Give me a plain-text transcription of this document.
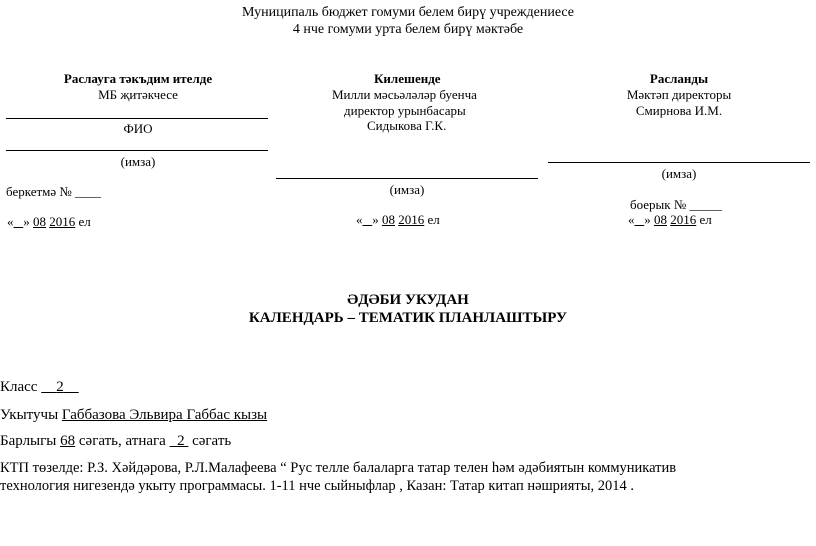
Муниципаль бюджет гомуми белем бирү учреждениесе
4 нче гомуми урта белем бирү мәктәбе
Раслауга тәкъдим ителде
МБ җитәкчесе
ФИО
(имза)
беркетмә № ____
« » 08 2016 ел
Килешенде
Милли мәсьәләләр буенча
директор урынбасары
Сидыкова Г.К.
(имза)
« » 08 2016 ел
Расланды
Мәктәп директоры
Смирнова И.М.
(имза)
боерык № _____
« » 08 2016 ел
ӘДӘБИ УКУДАН
КАЛЕНДАРЬ – ТЕМАТИК ПЛАНЛАШТЫРУ
Класс 2
Укытучы Габбазова Эльвира Габбас кызы
Барлыгы 68 сәгать, атнага 2 сәгать
КТП төзелде: Р.З. Хәйдәрова, Р.Л.Малафеева “ Рус телле балаларга татар телен һәм әдәбиятын коммуникатив
технология нигезендә укыту программасы. 1-11 нче сыйныфлар , Казан: Татар китап нәшрияты, 2014 .
